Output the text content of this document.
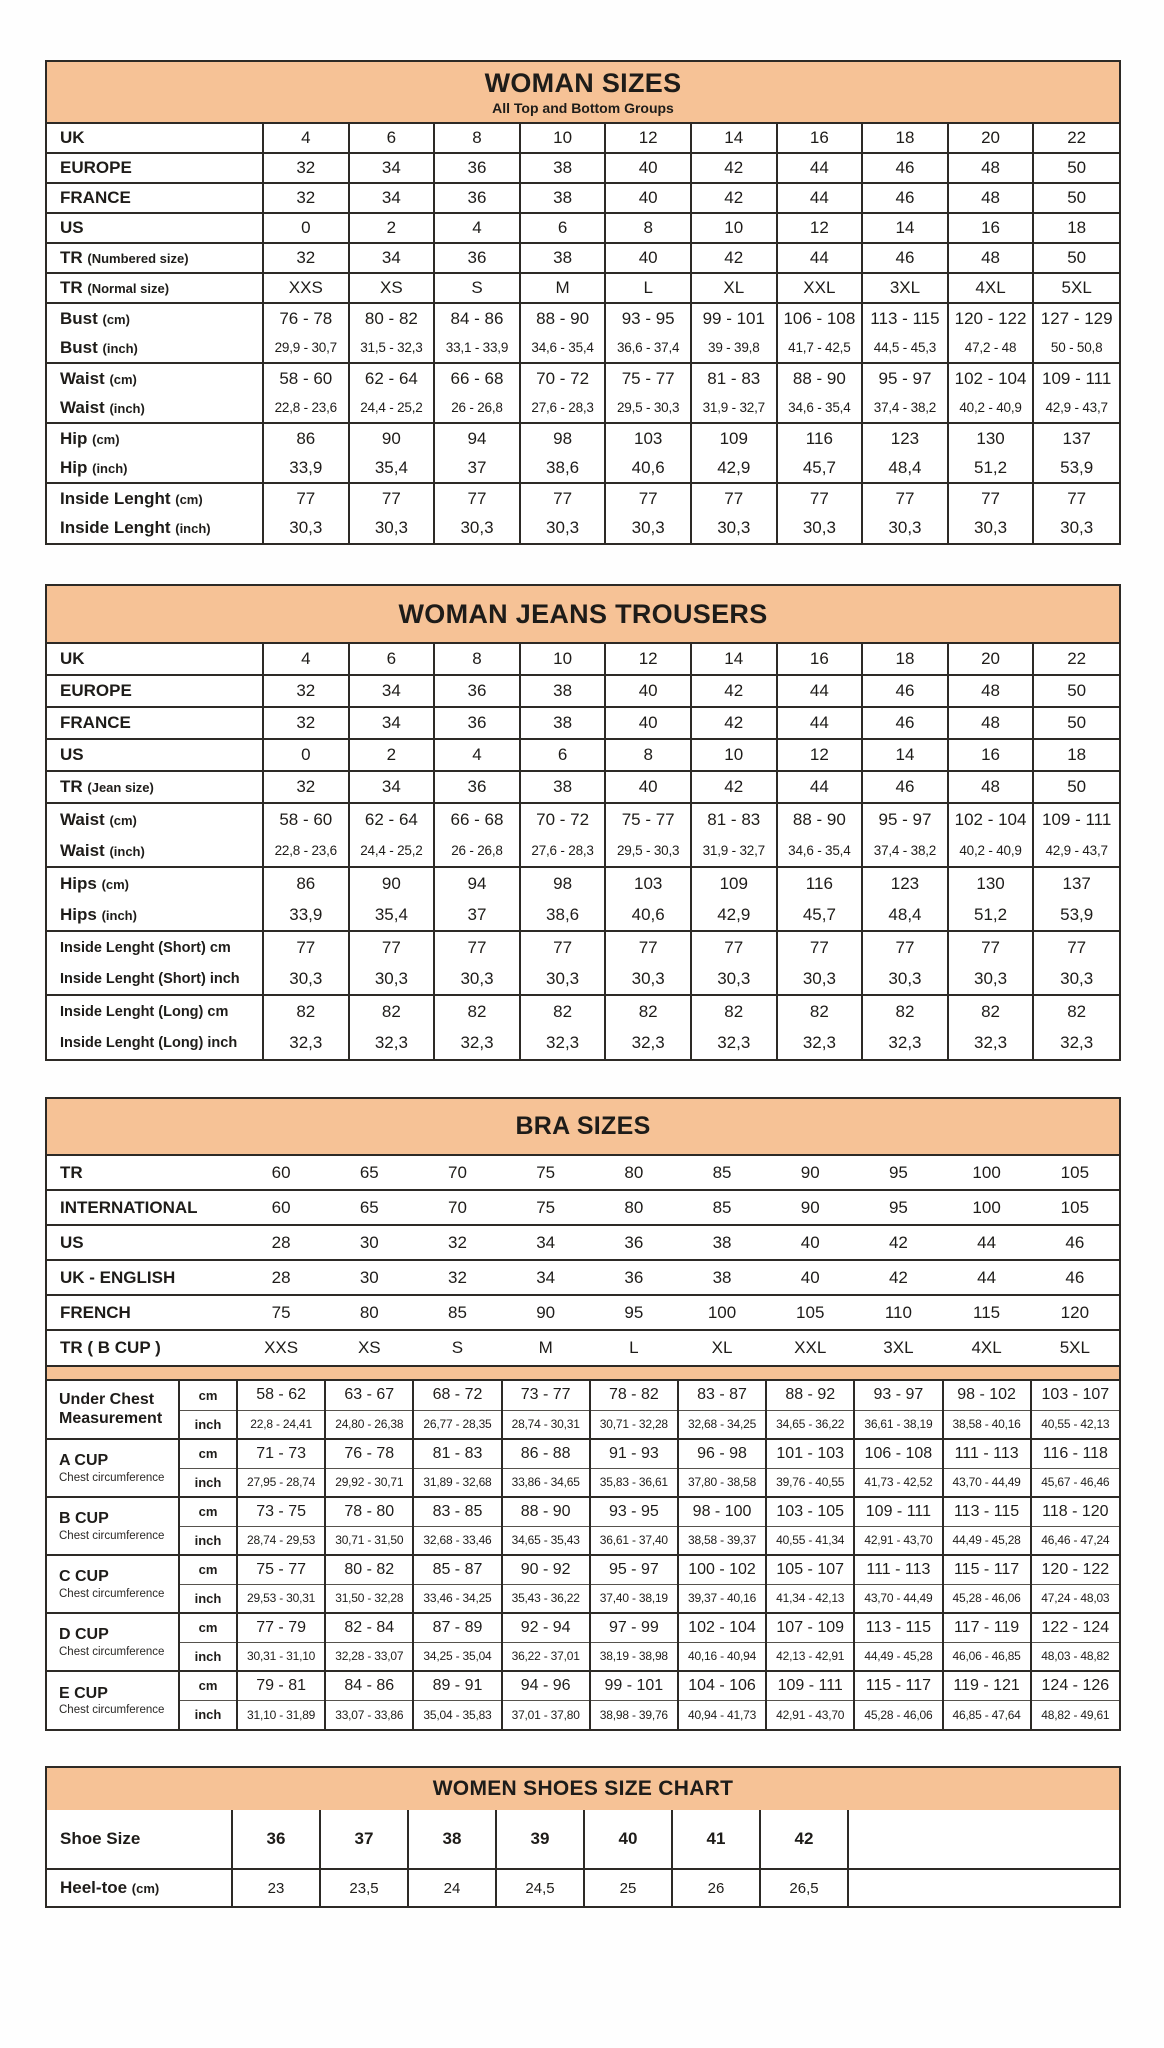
WOMAN SIZES
All Top and Bottom Groups
UK	4	6	8	10	12	14	16	18	20	22
EUROPE	32	34	36	38	40	42	44	46	48	50
FRANCE	32	34	36	38	40	42	44	46	48	50
US	0	2	4	6	8	10	12	14	16	18
TR (Numbered size)	32	34	36	38	40	42	44	46	48	50
TR (Normal size)	XXS	XS	S	M	L	XL	XXL	3XL	4XL	5XL
Bust (cm)	76 - 78	80 - 82	84 - 86	88 - 90	93 - 95	99 - 101	106 - 108	113 - 115	120 - 122	127 - 129
Bust (inch)	29,9 - 30,7	31,5 - 32,3	33,1 - 33,9	34,6 - 35,4	36,6 - 37,4	39 - 39,8	41,7 - 42,5	44,5 - 45,3	47,2 - 48	50 - 50,8
Waist (cm)	58 - 60	62 - 64	66 - 68	70 - 72	75 - 77	81 - 83	88 - 90	95 - 97	102 - 104	109 - 111
Waist (inch)	22,8 - 23,6	24,4 - 25,2	26 - 26,8	27,6 - 28,3	29,5 - 30,3	31,9 - 32,7	34,6 - 35,4	37,4 - 38,2	40,2 - 40,9	42,9 - 43,7
Hip (cm)	86	90	94	98	103	109	116	123	130	137
Hip (inch)	33,9	35,4	37	38,6	40,6	42,9	45,7	48,4	51,2	53,9
Inside Lenght (cm)	77	77	77	77	77	77	77	77	77	77
Inside Lenght (inch)	30,3	30,3	30,3	30,3	30,3	30,3	30,3	30,3	30,3	30,3
WOMAN JEANS TROUSERS
UK	4	6	8	10	12	14	16	18	20	22
EUROPE	32	34	36	38	40	42	44	46	48	50
FRANCE	32	34	36	38	40	42	44	46	48	50
US	0	2	4	6	8	10	12	14	16	18
TR (Jean size)	32	34	36	38	40	42	44	46	48	50
Waist (cm)	58 - 60	62 - 64	66 - 68	70 - 72	75 - 77	81 - 83	88 - 90	95 - 97	102 - 104	109 - 111
Waist (inch)	22,8 - 23,6	24,4 - 25,2	26 - 26,8	27,6 - 28,3	29,5 - 30,3	31,9 - 32,7	34,6 - 35,4	37,4 - 38,2	40,2 - 40,9	42,9 - 43,7
Hips (cm)	86	90	94	98	103	109	116	123	130	137
Hips (inch)	33,9	35,4	37	38,6	40,6	42,9	45,7	48,4	51,2	53,9
Inside Lenght (Short) cm	77	77	77	77	77	77	77	77	77	77
Inside Lenght (Short) inch	30,3	30,3	30,3	30,3	30,3	30,3	30,3	30,3	30,3	30,3
Inside Lenght (Long) cm	82	82	82	82	82	82	82	82	82	82
Inside Lenght (Long) inch	32,3	32,3	32,3	32,3	32,3	32,3	32,3	32,3	32,3	32,3
BRA SIZES
TR	60	65	70	75	80	85	90	95	100	105
INTERNATIONAL	60	65	70	75	80	85	90	95	100	105
US	28	30	32	34	36	38	40	42	44	46
UK - ENGLISH	28	30	32	34	36	38	40	42	44	46
FRENCH	75	80	85	90	95	100	105	110	115	120
TR ( B CUP )	XXS	XS	S	M	L	XL	XXL	3XL	4XL	5XL
Under Chest Measurement	cm	58 - 62	63 - 67	68 - 72	73 - 77	78 - 82	83 - 87	88 - 92	93 - 97	98 - 102	103 - 107
	inch	22,8 - 24,41	24,80 - 26,38	26,77 - 28,35	28,74 - 30,31	30,71 - 32,28	32,68 - 34,25	34,65 - 36,22	36,61 - 38,19	38,58 - 40,16	40,55 - 42,13

A CUP
Chest circumference	cm	71 - 73	76 - 78	81 - 83	86 - 88	91 - 93	96 - 98	101 - 103	106 - 108	111 - 113	116 - 118
	inch	27,95 - 28,74	29,92 - 30,71	31,89 - 32,68	33,86 - 34,65	35,83 - 36,61	37,80 - 38,58	39,76 - 40,55	41,73 - 42,52	43,70 - 44,49	45,67 - 46,46

B CUP
Chest circumference	cm	73 - 75	78 - 80	83 - 85	88 - 90	93 - 95	98 - 100	103 - 105	109 - 111	113 - 115	118 - 120
	inch	28,74 - 29,53	30,71 - 31,50	32,68 - 33,46	34,65 - 35,43	36,61 - 37,40	38,58 - 39,37	40,55 - 41,34	42,91 - 43,70	44,49 - 45,28	46,46 - 47,24

C CUP
Chest circumference	cm	75 - 77	80 - 82	85 - 87	90 - 92	95 - 97	100 - 102	105 - 107	111 - 113	115 - 117	120 - 122
	inch	29,53 - 30,31	31,50 - 32,28	33,46 - 34,25	35,43 - 36,22	37,40 - 38,19	39,37 - 40,16	41,34 - 42,13	43,70 - 44,49	45,28 - 46,06	47,24 - 48,03

D CUP
Chest circumference	cm	77 - 79	82 - 84	87 - 89	92 - 94	97 - 99	102 - 104	107 - 109	113 - 115	117 - 119	122 - 124
	inch	30,31 - 31,10	32,28 - 33,07	34,25 - 35,04	36,22 - 37,01	38,19 - 38,98	40,16 - 40,94	42,13 - 42,91	44,49 - 45,28	46,06 - 46,85	48,03 - 48,82

E CUP
Chest circumference	cm	79 - 81	84 - 86	89 - 91	94 - 96	99 - 101	104 - 106	109 - 111	115 - 117	119 - 121	124 - 126
	inch	31,10 - 31,89	33,07 - 33,86	35,04 - 35,83	37,01 - 37,80	38,98 - 39,76	40,94 - 41,73	42,91 - 43,70	45,28 - 46,06	46,85 - 47,64	48,82 - 49,61
WOMEN SHOES SIZE CHART
Shoe Size	36	37	38	39	40	41	42	
Heel-toe (cm)	23	23,5	24	24,5	25	26	26,5	
